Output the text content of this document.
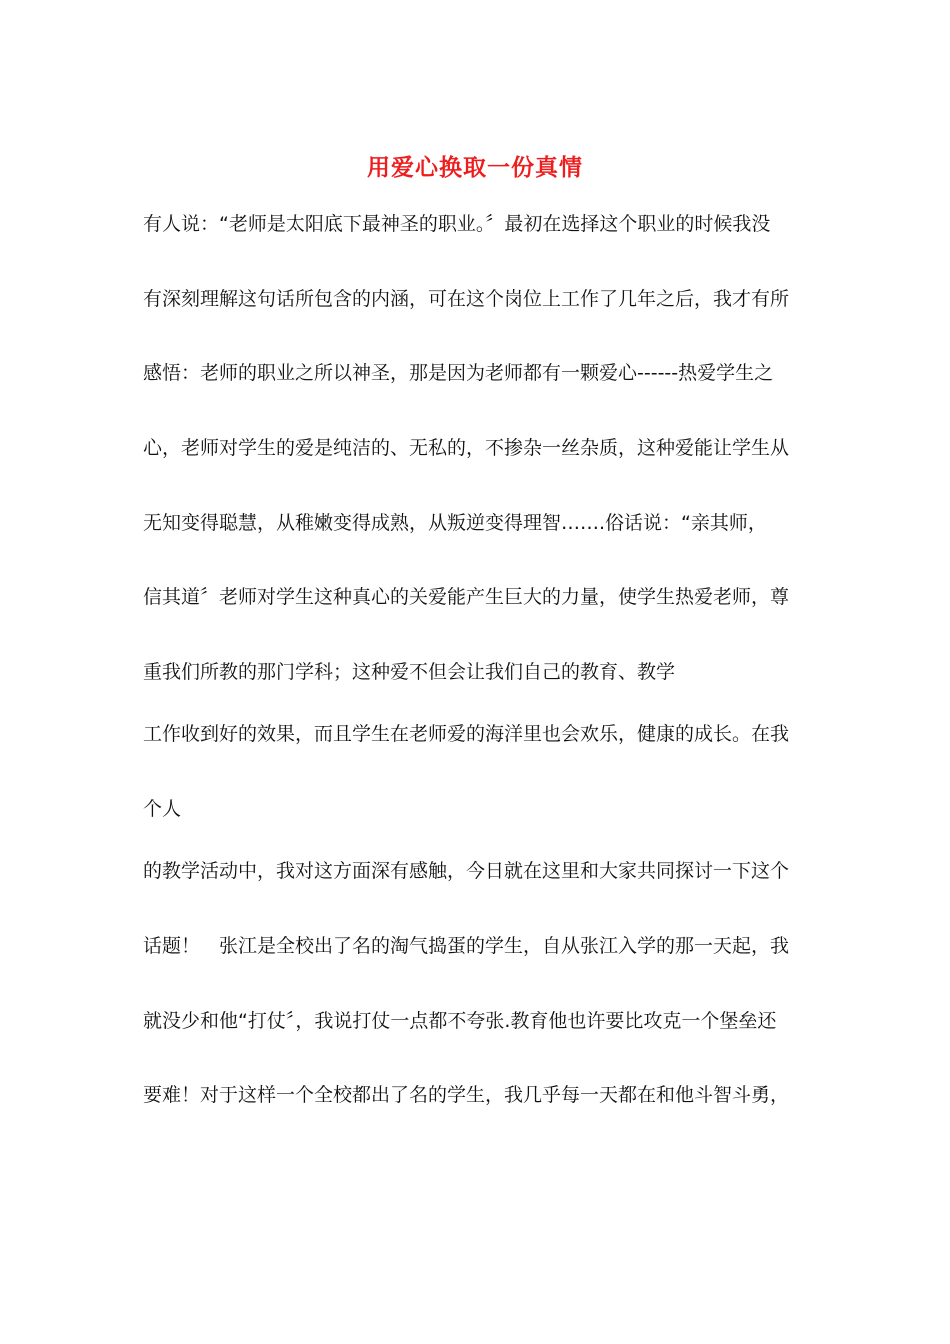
用爱心换取一份真情
有人说：“老师是太阳底下最神圣的职业。〞最初在选择这个职业的时候我没
有深刻理解这句话所包含的内涵，可在这个岗位上工作了几年之后，我才有所
感悟：老师的职业之所以神圣，那是因为老师都有一颗爱心------热爱学生之
心，老师对学生的爱是纯洁的、无私的，不掺杂一丝杂质，这种爱能让学生从
无知变得聪慧，从稚嫩变得成熟，从叛逆变得理智…….俗话说：“亲其师，
信其道〞老师对学生这种真心的关爱能产生巨大的力量，使学生热爱老师，尊
重我们所教的那门学科；这种爱不但会让我们自己的教育、教学
工作收到好的效果，而且学生在老师爱的海洋里也会欢乐，健康的成长。在我
个人
的教学活动中，我对这方面深有感触，今日就在这里和大家共同探讨一下这个
话题！　张江是全校出了名的淘气捣蛋的学生，自从张江入学的那一天起，我
就没少和他“打仗〞，我说打仗一点都不夸张.教育他也许要比攻克一个堡垒还
要难！对于这样一个全校都出了名的学生，我几乎每一天都在和他斗智斗勇，
